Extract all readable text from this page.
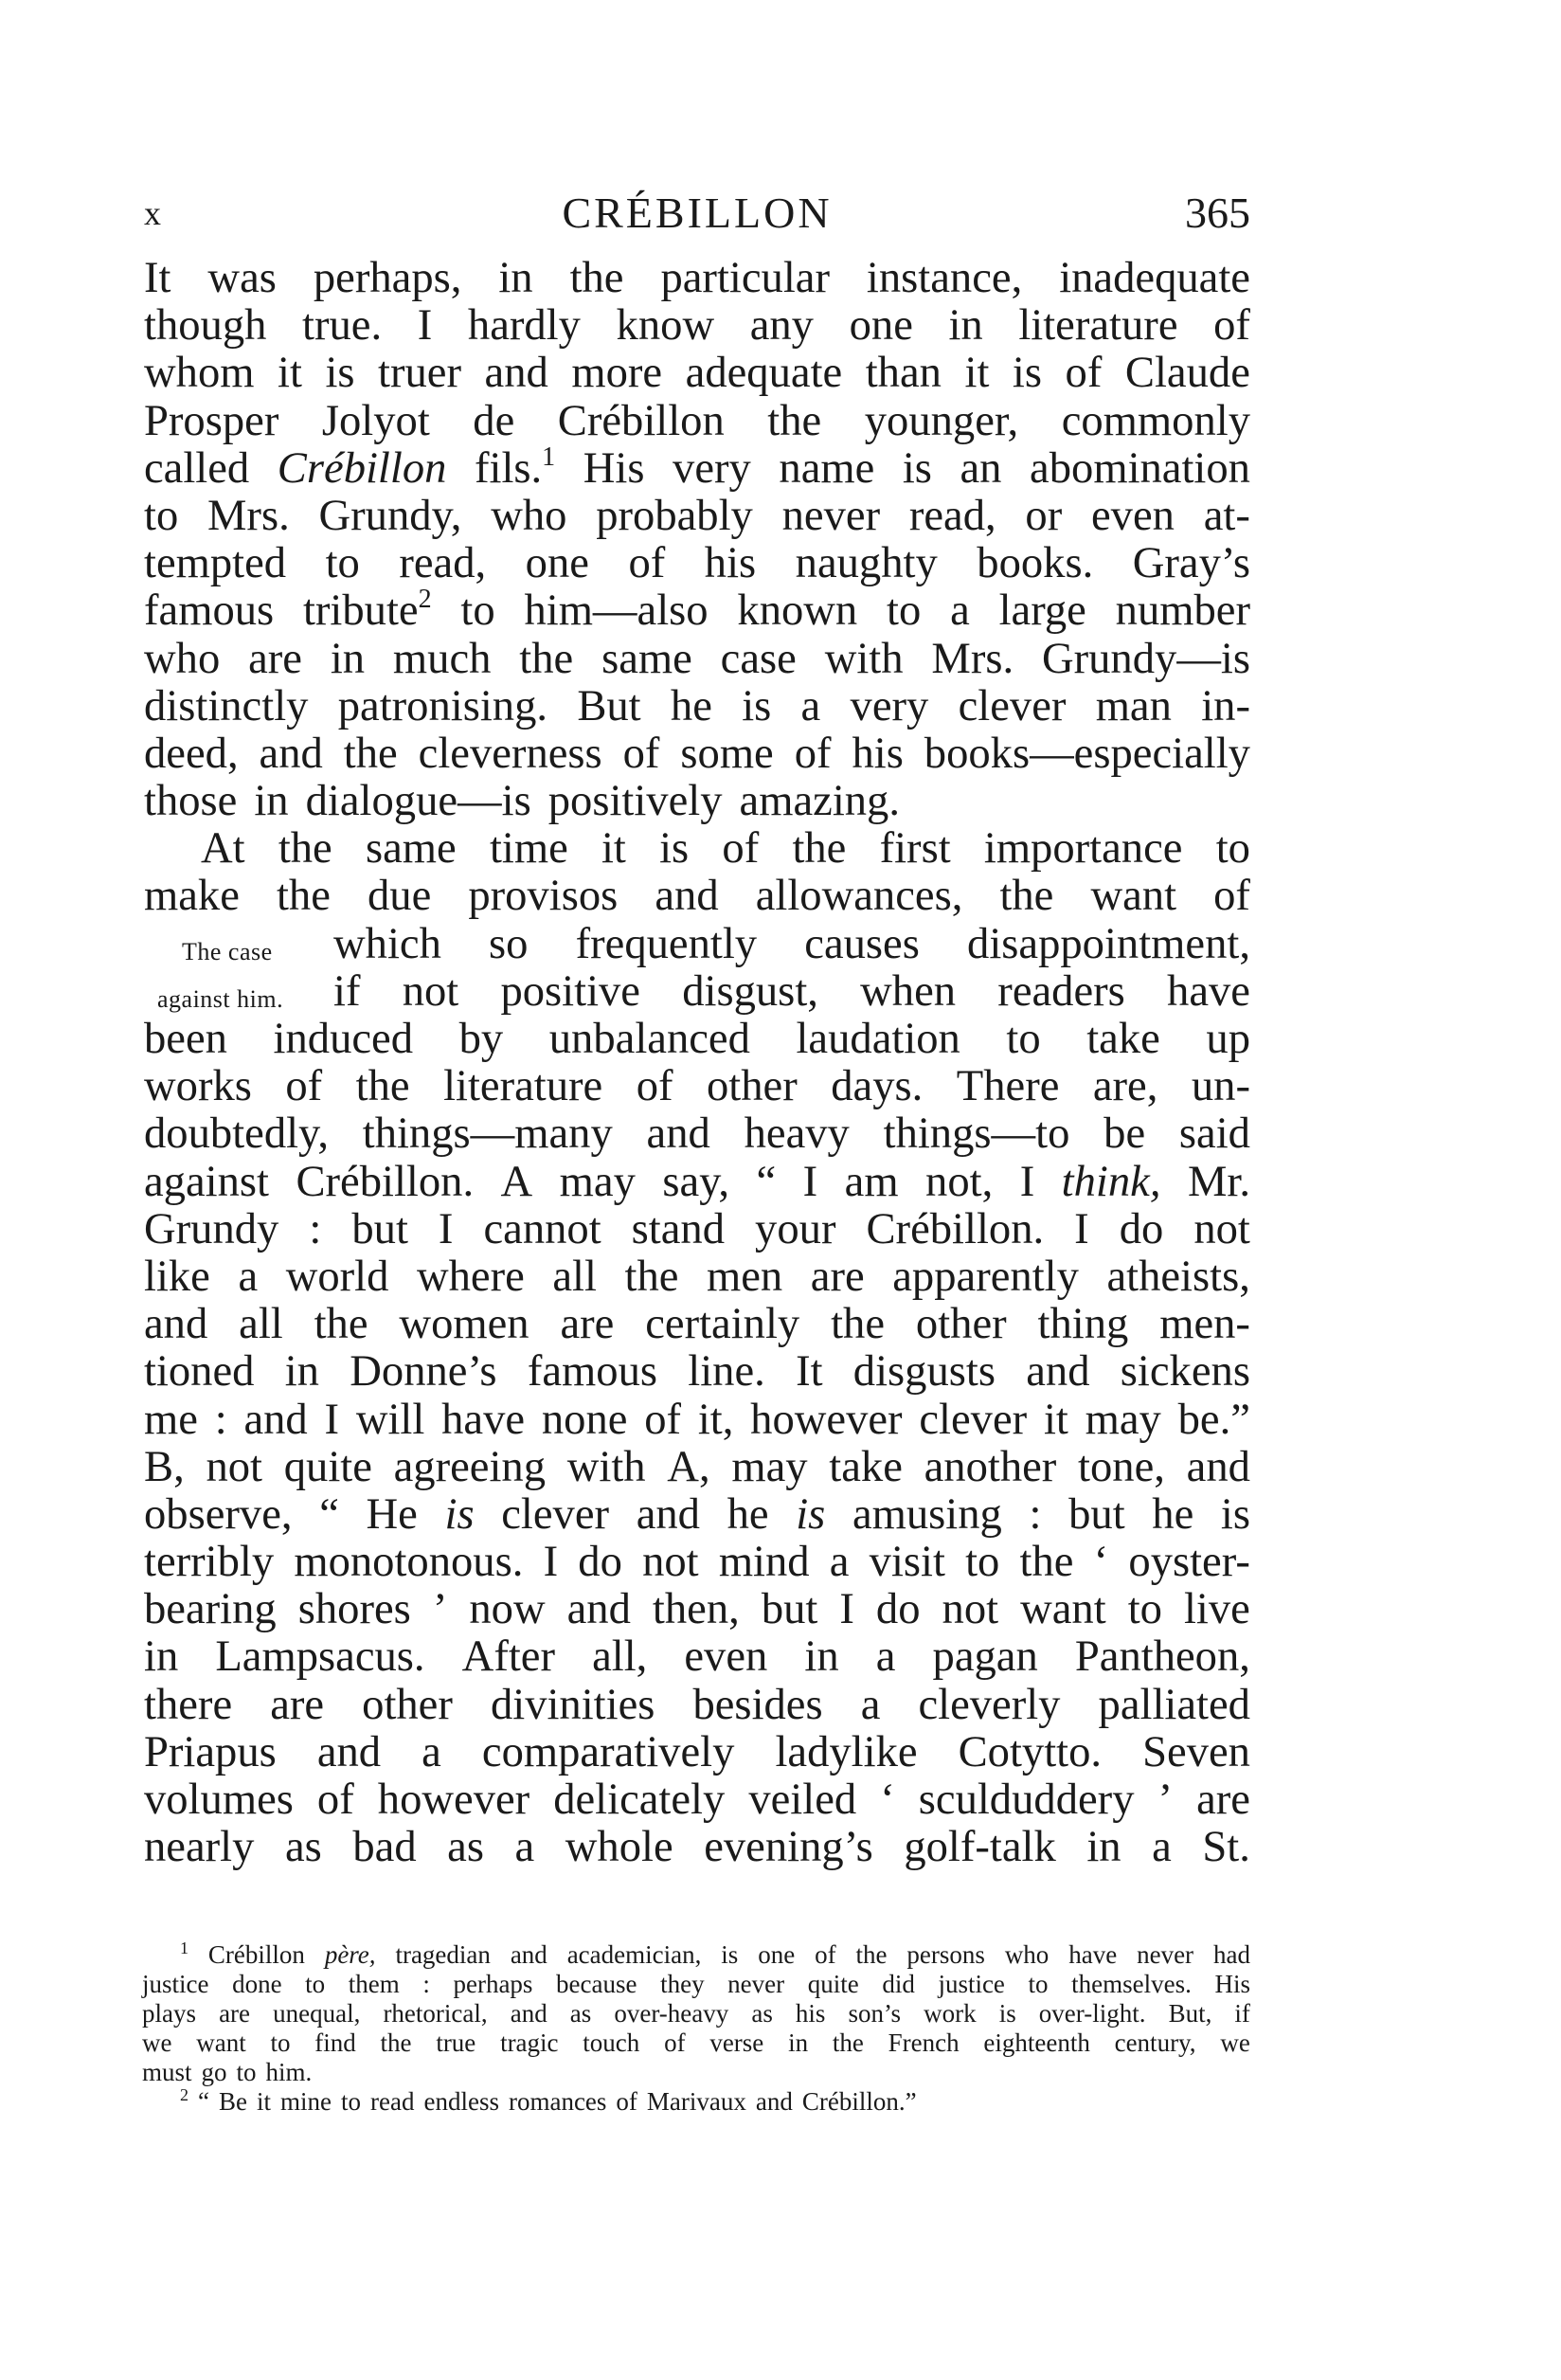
x	CRÉBILLON	365
It was perhaps, in the particular instance, inadequate
though true. I hardly know any one in literature of
whom it is truer and more adequate than it is of Claude
Prosper Jolyot de Crébillon the younger, commonly
called Crébillon fils.$^1$ His very name is an abomination
to Mrs. Grundy, who probably never read, or even at-
tempted to read, one of his naughty books. Gray’s
famous tribute$^2$ to him—also known to a large number
who are in much the same case with Mrs. Grundy—is
distinctly patronising. But he is a very clever man in-
deed, and the cleverness of some of his books—especially
those in dialogue—is positively amazing.
At the same time it is of the first importance to
make the due provisos and allowances, the want of
which so frequently causes disappointment,
if not positive disgust, when readers have
been induced by unbalanced laudation to take up
works of the literature of other days. There are, un-
doubtedly, things—many and heavy things—to be said
against Crébillon. A may say, “ I am not, I think, Mr.
Grundy : but I cannot stand your Crébillon. I do not
like a world where all the men are apparently atheists,
and all the women are certainly the other thing men-
tioned in Donne’s famous line. It disgusts and sickens
me : and I will have none of it, however clever it may be.”
B, not quite agreeing with A, may take another tone, and
observe, “ He is clever and he is amusing : but he is
terribly monotonous. I do not mind a visit to the ‘ oyster-
bearing shores ’ now and then, but I do not want to live
in Lampsacus. After all, even in a pagan Pantheon,
there are other divinities besides a cleverly palliated
Priapus and a comparatively ladylike Cotytto. Seven
volumes of however delicately veiled ‘ sculduddery ’ are
nearly as bad as a whole evening’s golf-talk in a St.
The case
against him.
$^1$ Crébillon père, tragedian and academician, is one of the persons who have never had
justice done to them : perhaps because they never quite did justice to themselves. His
plays are unequal, rhetorical, and as over-heavy as his son’s work is over-light. But, if
we want to find the true tragic touch of verse in the French eighteenth century, we
must go to him.
$^2$ “ Be it mine to read endless romances of Marivaux and Crébillon.”
